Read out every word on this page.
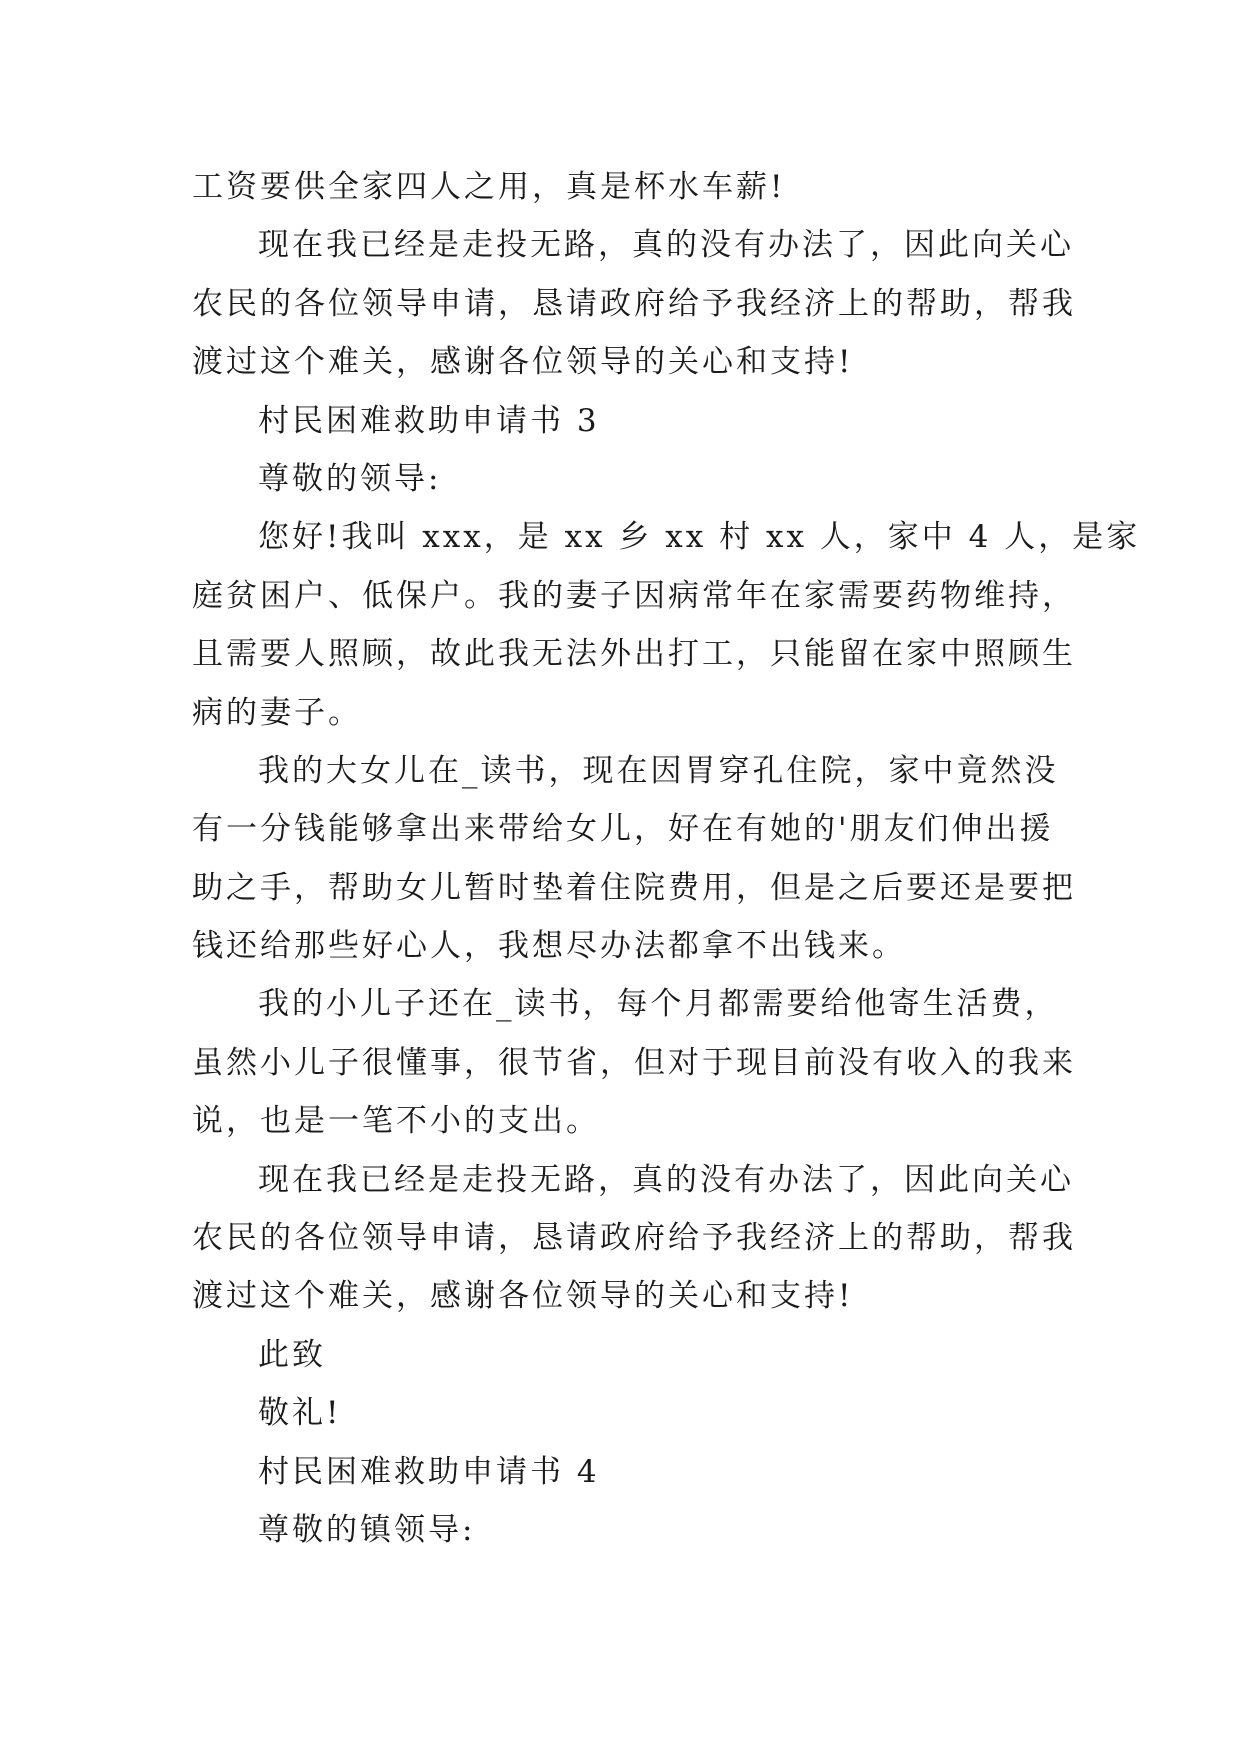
工资要供全家四人之用，真是杯水车薪!
现在我已经是走投无路，真的没有办法了，因此向关心
农民的各位领导申请，恳请政府给予我经济上的帮助，帮我
渡过这个难关，感谢各位领导的关心和支持!
村民困难救助申请书 3
尊敬的领导:
您好!我叫 xxx，是 xx 乡 xx 村 xx 人，家中 4 人，是家
庭贫困户、低保户。我的妻子因病常年在家需要药物维持，
且需要人照顾，故此我无法外出打工，只能留在家中照顾生
病的妻子。
我的大女儿在_读书，现在因胃穿孔住院，家中竟然没
有一分钱能够拿出来带给女儿，好在有她的'朋友们伸出援
助之手，帮助女儿暂时垫着住院费用，但是之后要还是要把
钱还给那些好心人，我想尽办法都拿不出钱来。
我的小儿子还在_读书，每个月都需要给他寄生活费，
虽然小儿子很懂事，很节省，但对于现目前没有收入的我来
说，也是一笔不小的支出。
现在我已经是走投无路，真的没有办法了，因此向关心
农民的各位领导申请，恳请政府给予我经济上的帮助，帮我
渡过这个难关，感谢各位领导的关心和支持!
此致
敬礼!
村民困难救助申请书 4
尊敬的镇领导:
